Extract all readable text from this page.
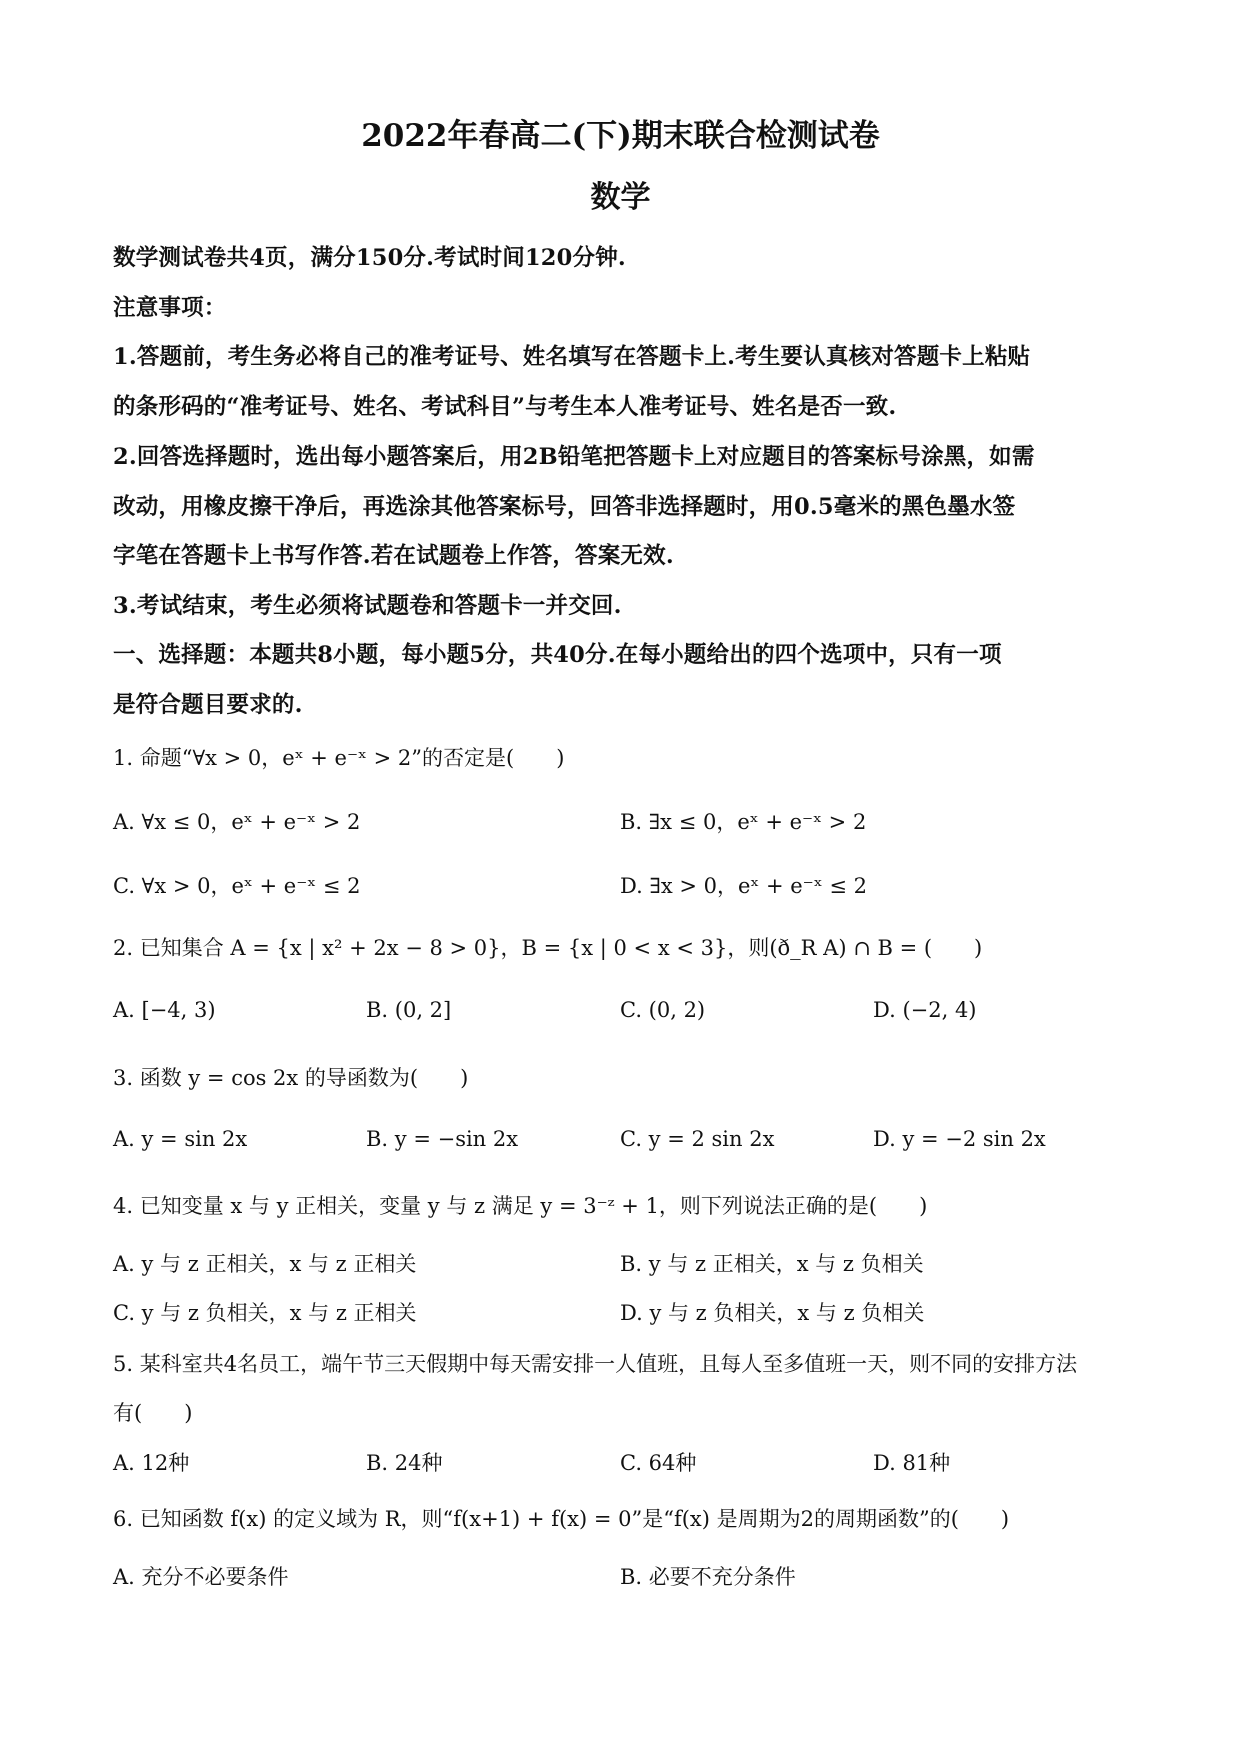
2022年春高二(下)期末联合检测试卷
数学
数学测试卷共4页，满分150分.考试时间120分钟.
注意事项：
1.答题前，考生务必将自己的准考证号、姓名填写在答题卡上.考生要认真核对答题卡上粘贴
的条形码的“准考证号、姓名、考试科目”与考生本人准考证号、姓名是否一致.
2.回答选择题时，选出每小题答案后，用2B铅笔把答题卡上对应题目的答案标号涂黑，如需
改动，用橡皮擦干净后，再选涂其他答案标号，回答非选择题时，用0.5毫米的黑色墨水签
字笔在答题卡上书写作答.若在试题卷上作答，答案无效.
3.考试结束，考生必须将试题卷和答题卡一并交回.
一、选择题：本题共8小题，每小题5分，共40分.在每小题给出的四个选项中，只有一项
是符合题目要求的.
1. 命题“∀x > 0，eˣ + e⁻ˣ > 2”的否定是(　　)
A. ∀x ≤ 0，eˣ + e⁻ˣ > 2	B. ∃x ≤ 0，eˣ + e⁻ˣ > 2
C. ∀x > 0，eˣ + e⁻ˣ ≤ 2	D. ∃x > 0，eˣ + e⁻ˣ ≤ 2
2. 已知集合 A = {x | x² + 2x − 8 > 0}，B = {x | 0 < x < 3}，则(ð_R A) ∩ B = (　　)
A. [−4, 3)	B. (0, 2]	C. (0, 2)	D. (−2, 4)
3. 函数 y = cos 2x 的导函数为(　　)
A. y = sin 2x	B. y = −sin 2x	C. y = 2 sin 2x	D. y = −2 sin 2x
4. 已知变量 x 与 y 正相关，变量 y 与 z 满足 y = 3⁻ᶻ + 1，则下列说法正确的是(　　)
A. y 与 z 正相关，x 与 z 正相关	B. y 与 z 正相关，x 与 z 负相关
C. y 与 z 负相关，x 与 z 正相关	D. y 与 z 负相关，x 与 z 负相关
5. 某科室共4名员工，端午节三天假期中每天需安排一人值班，且每人至多值班一天，则不同的安排方法
有(　　)
A. 12种	B. 24种	C. 64种	D. 81种
6. 已知函数 f(x) 的定义域为 R，则“f(x+1) + f(x) = 0”是“f(x) 是周期为2的周期函数”的(　　)
A. 充分不必要条件	B. 必要不充分条件
